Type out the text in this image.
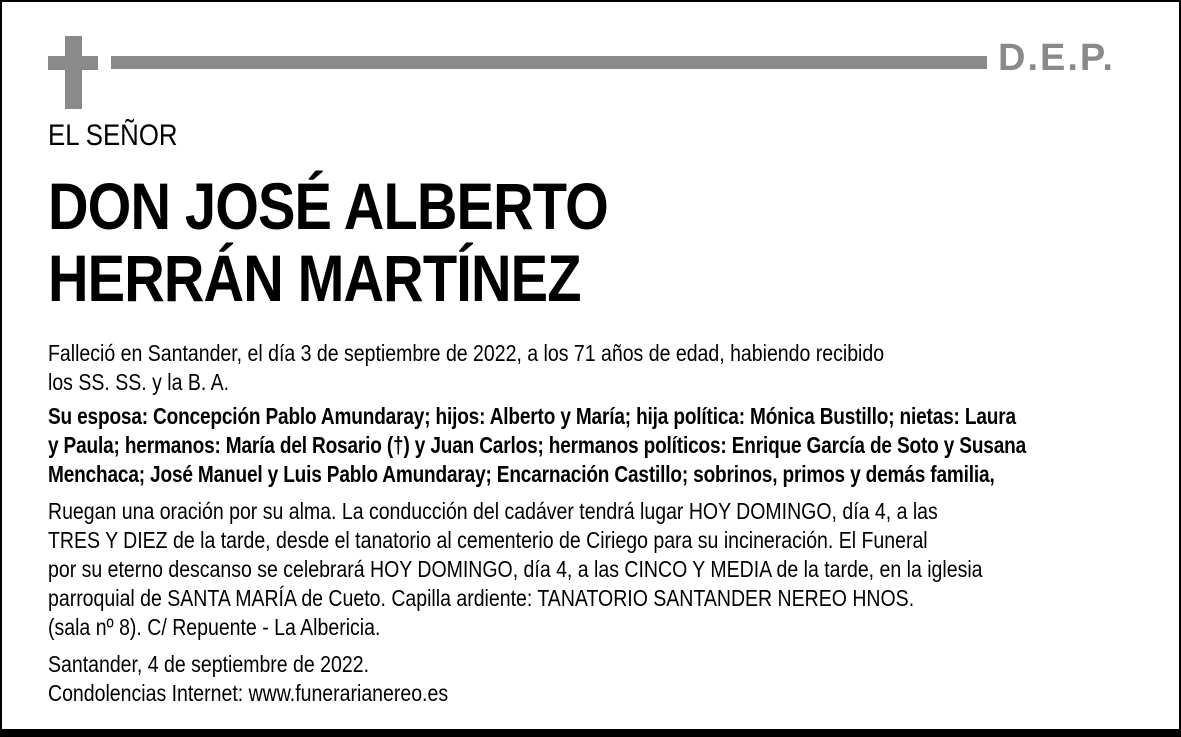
D.E.P.
EL SEÑOR
DON JOSÉ ALBERTO
HERRÁN MARTÍNEZ
Falleció en Santander, el día 3 de septiembre de 2022, a los 71 años de edad, habiendo recibido
los SS. SS. y la B. A.
Su esposa: Concepción Pablo Amundaray; hijos: Alberto y María; hija política: Mónica Bustillo; nietas: Laura
y Paula; hermanos: María del Rosario (†) y Juan Carlos; hermanos políticos: Enrique García de Soto y Susana
Menchaca; José Manuel y Luis Pablo Amundaray; Encarnación Castillo; sobrinos, primos y demás familia,
Ruegan una oración por su alma. La conducción del cadáver tendrá lugar HOY DOMINGO, día 4, a las
TRES Y DIEZ de la tarde, desde el tanatorio al cementerio de Ciriego para su incineración. El Funeral
por su eterno descanso se celebrará HOY DOMINGO, día 4, a las CINCO Y MEDIA de la tarde, en la iglesia
parroquial de SANTA MARÍA de Cueto. Capilla ardiente: TANATORIO SANTANDER NEREO HNOS.
(sala nº 8). C/ Repuente - La Albericia.
Santander, 4 de septiembre de 2022.
Condolencias Internet: www.funerarianereo.es
